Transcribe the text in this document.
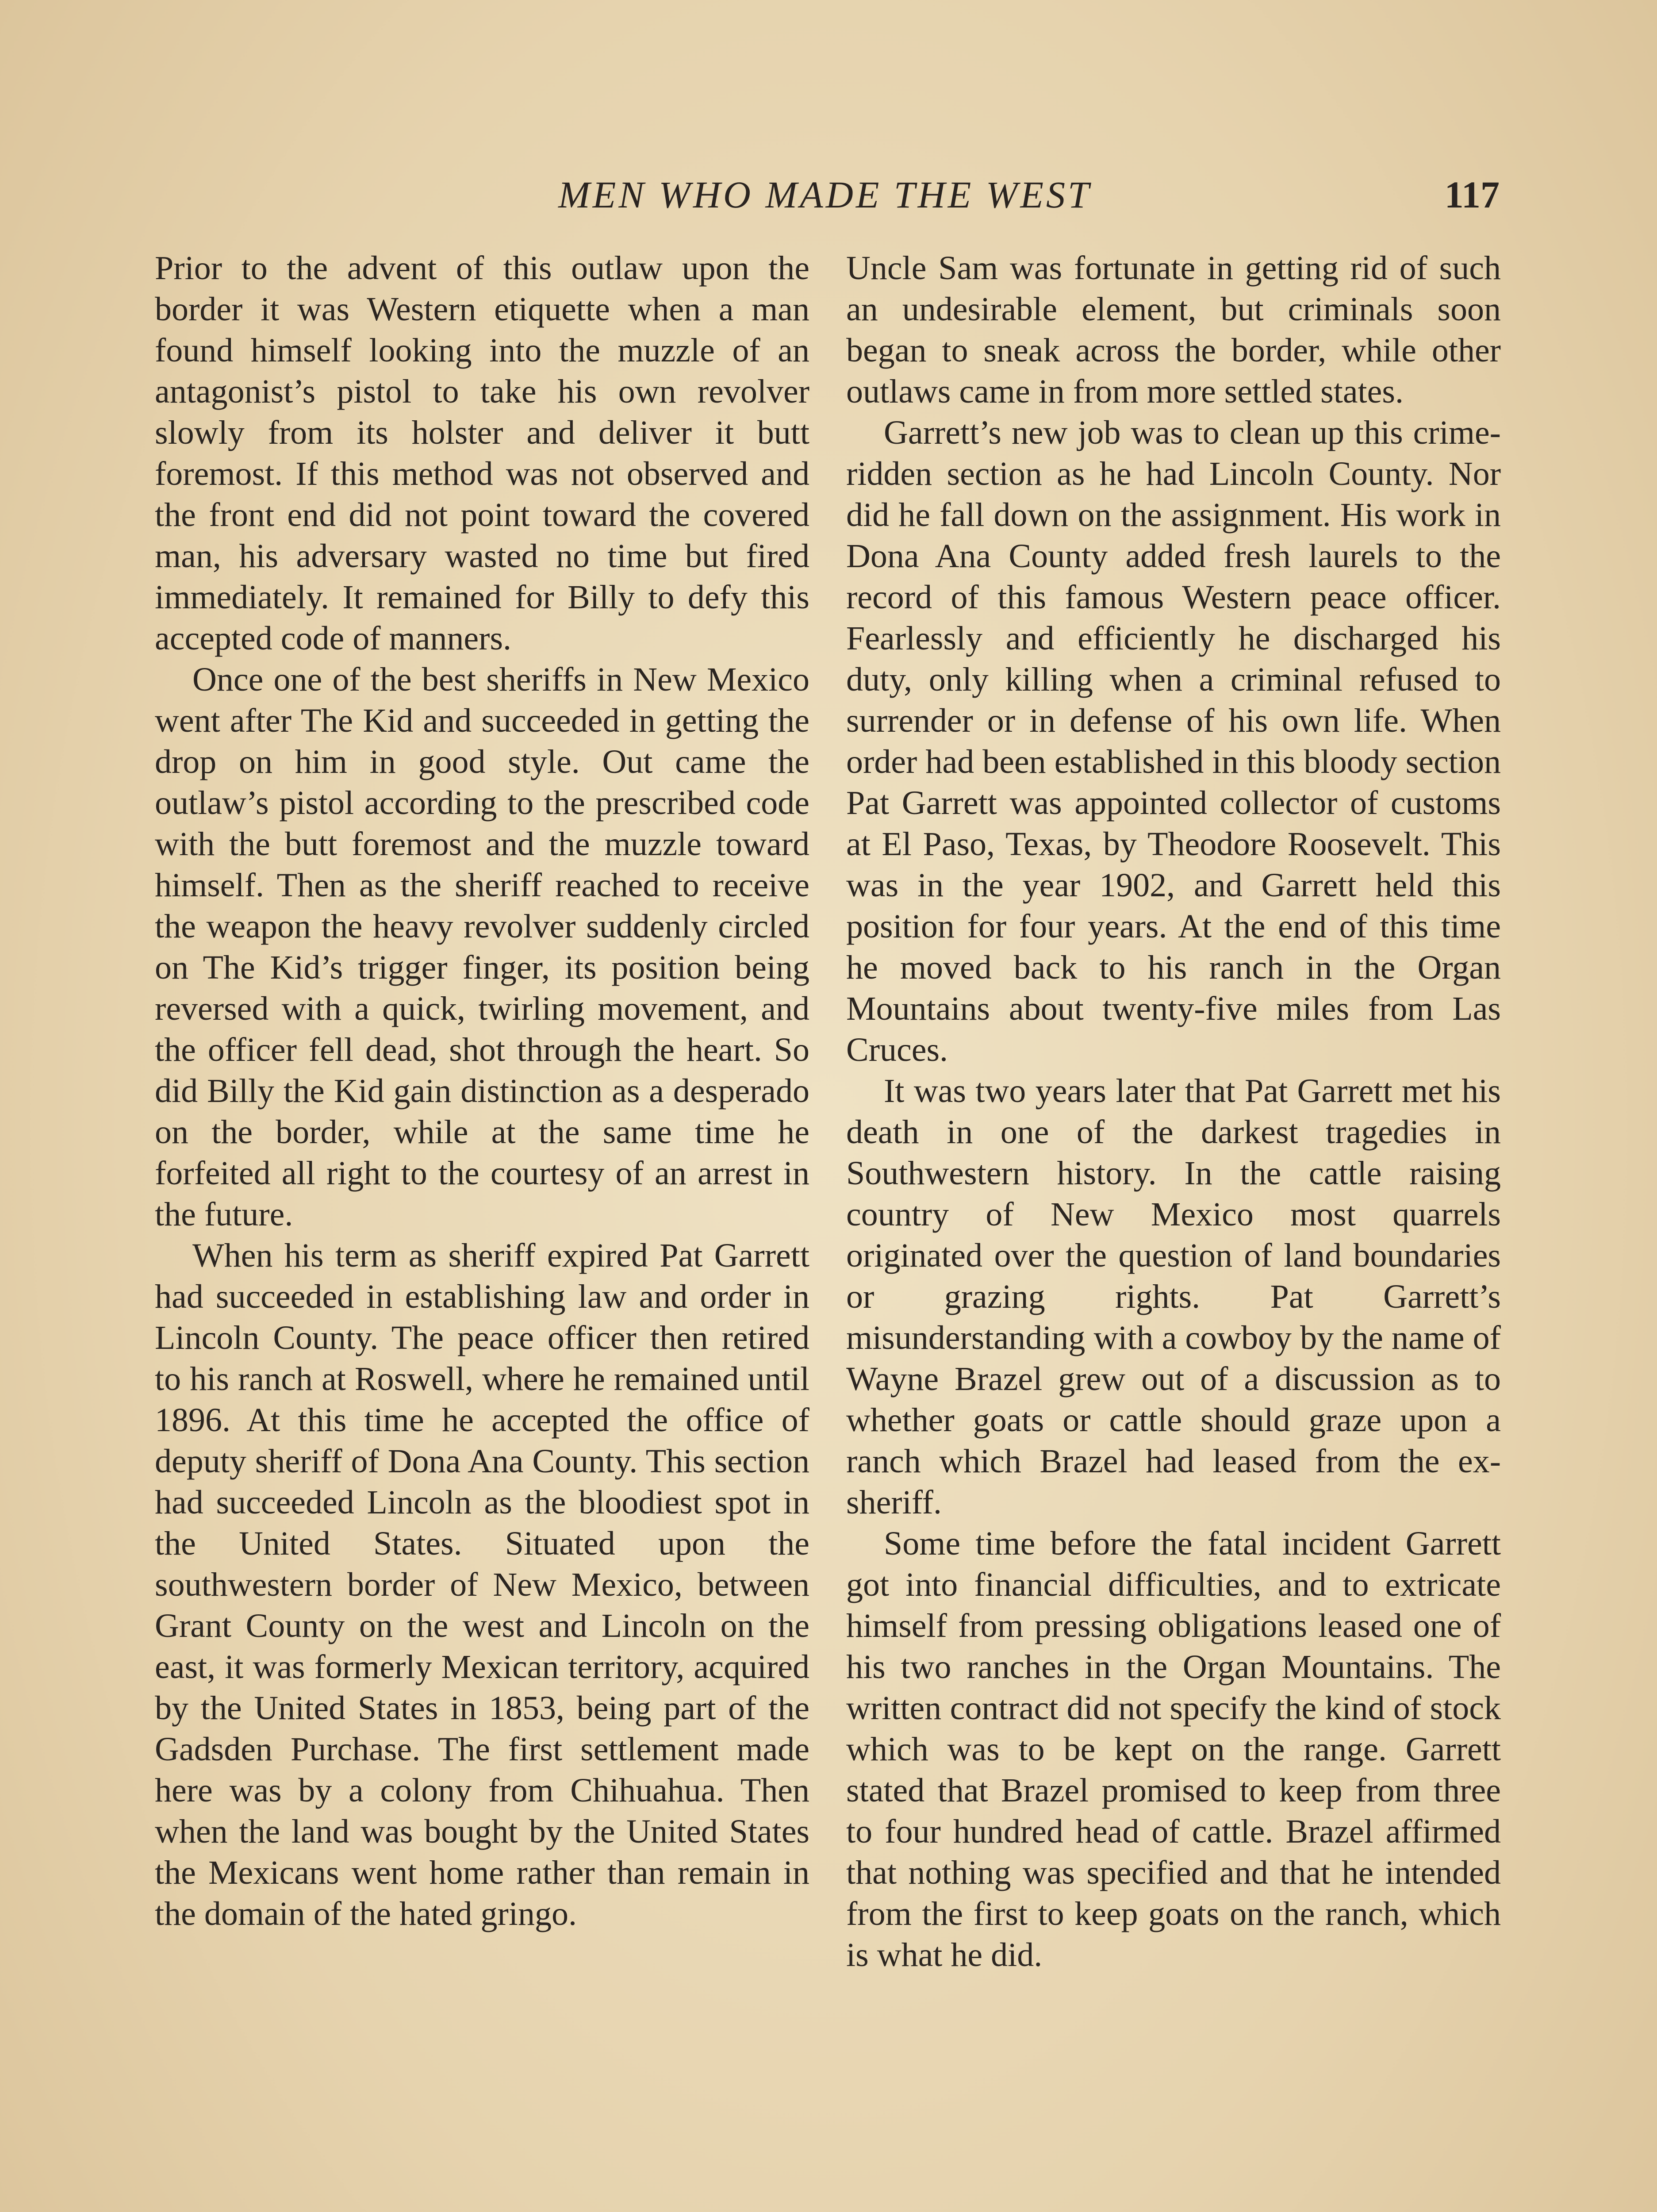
MEN WHO MADE THE WEST	117

Prior to the advent of this outlaw upon the border it was Western etiquette when a man found himself looking into the muzzle of an antagonist’s pistol to take his own revolver slowly from its holster and deliver it butt foremost. If this method was not observed and the front end did not point toward the covered man, his adversary wasted no time but fired immediately. It remained for Billy to defy this accepted code of manners.

Once one of the best sheriffs in New Mexico went after The Kid and succeeded in getting the drop on him in good style. Out came the outlaw’s pistol according to the prescribed code with the butt foremost and the muzzle toward himself. Then as the sheriff reached to receive the weapon the heavy revolver suddenly circled on The Kid’s trigger finger, its position being reversed with a quick, twirling movement, and the officer fell dead, shot through the heart. So did Billy the Kid gain distinction as a desperado on the border, while at the same time he forfeited all right to the courtesy of an arrest in the future.

When his term as sheriff expired Pat Garrett had succeeded in establishing law and order in Lincoln County. The peace officer then retired to his ranch at Roswell, where he remained until 1896. At this time he accepted the office of deputy sheriff of Dona Ana County. This section had succeeded Lincoln as the bloodiest spot in the United States. Situated upon the southwestern border of New Mexico, between Grant County on the west and Lincoln on the east, it was formerly Mexican territory, acquired by the United States in 1853, being part of the Gadsden Purchase. The first settlement made here was by a colony from Chihuahua. Then when the land was bought by the United States the Mexicans went home rather than remain in the domain of the hated gringo.

Uncle Sam was fortunate in getting rid of such an undesirable element, but criminals soon began to sneak across the border, while other outlaws came in from more settled states.

Garrett’s new job was to clean up this crime-ridden section as he had Lincoln County. Nor did he fall down on the assignment. His work in Dona Ana County added fresh laurels to the record of this famous Western peace officer. Fearlessly and efficiently he discharged his duty, only killing when a criminal refused to surrender or in defense of his own life. When order had been established in this bloody section Pat Garrett was appointed collector of customs at El Paso, Texas, by Theodore Roosevelt. This was in the year 1902, and Garrett held this position for four years. At the end of this time he moved back to his ranch in the Organ Mountains about twenty-five miles from Las Cruces.

It was two years later that Pat Garrett met his death in one of the darkest tragedies in Southwestern history. In the cattle raising country of New Mexico most quarrels originated over the question of land boundaries or grazing rights. Pat Garrett’s misunderstanding with a cowboy by the name of Wayne Brazel grew out of a discussion as to whether goats or cattle should graze upon a ranch which Brazel had leased from the ex-sheriff.

Some time before the fatal incident Garrett got into financial difficulties, and to extricate himself from pressing obligations leased one of his two ranches in the Organ Mountains. The written contract did not specify the kind of stock which was to be kept on the range. Garrett stated that Brazel promised to keep from three to four hundred head of cattle. Brazel affirmed that nothing was specified and that he intended from the first to keep goats on the ranch, which is what he did.
